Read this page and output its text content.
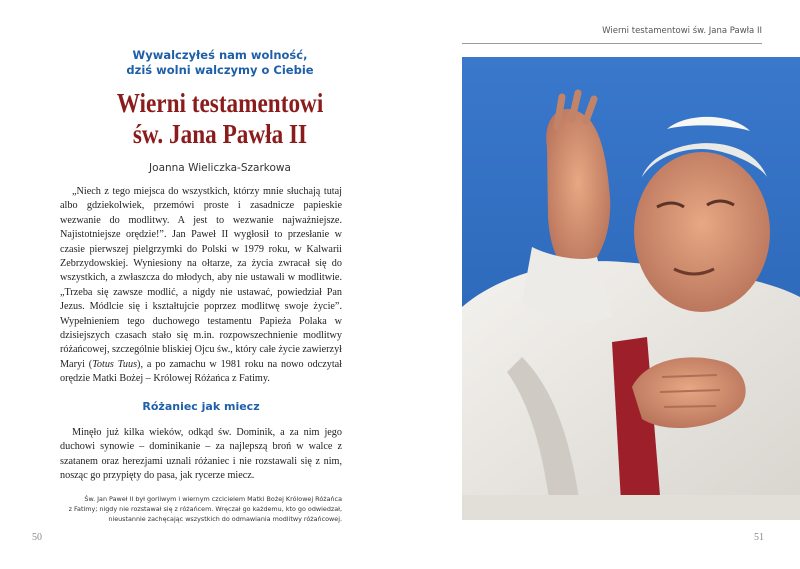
Wywalczyłeś nam wolność,
dziś wolni walczymy o Ciebie
Wierni testamentowi
św. Jana Pawła II
Joanna Wieliczka-Szarkowa

„Niech z tego miejsca do wszystkich, którzy mnie słuchają tutaj albo gdziekolwiek, przemówi proste i zasadnicze papieskie wezwanie do modlitwy. A jest to wezwanie najważniejsze. Najistotniejsze orędzie!”. Jan Paweł II wygłosił to przesłanie w czasie pierwszej pielgrzymki do Polski w 1979 roku, w Kalwarii Zebrzydowskiej. Wyniesiony na ołtarze, za życia zwracał się do wszystkich, a zwłaszcza do młodych, aby nie ustawali w modlitwie. „Trzeba się zawsze modlić, a nigdy nie ustawać, powiedział Pan Jezus. Módlcie się i kształtujcie poprzez modlitwę swoje życie”. Wypełnieniem tego duchowego testamentu Papieża Polaka w dzisiejszych czasach stało się m.in. rozpowszechnienie modlitwy różańcowej, szczególnie bliskiej Ojcu św., który całe życie zawierzył Maryi (Totus Tuus), a po zamachu w 1981 roku na nowo odczytał orędzie Matki Bożej – Królowej Różańca z Fatimy.

Różaniec jak miecz

Minęło już kilka wieków, odkąd św. Dominik, a za nim jego duchowi synowie – dominikanie – za najlepszą broń w walce z szatanem oraz herezjami uznali różaniec i nie rozstawali się z nim, nosząc go przypięty do pasa, jak rycerze miecz.

Św. Jan Paweł II był gorliwym i wiernym czcicielem Matki Bożej Królowej Różańca
z Fatimy; nigdy nie rozstawał się z różańcem. Wręczał go każdemu, kto go odwiedzał,
nieustannie zachęcając wszystkich do odmawiania modlitwy różańcowej.
50
Wierni testamentowi św. Jana Pawła II
51
